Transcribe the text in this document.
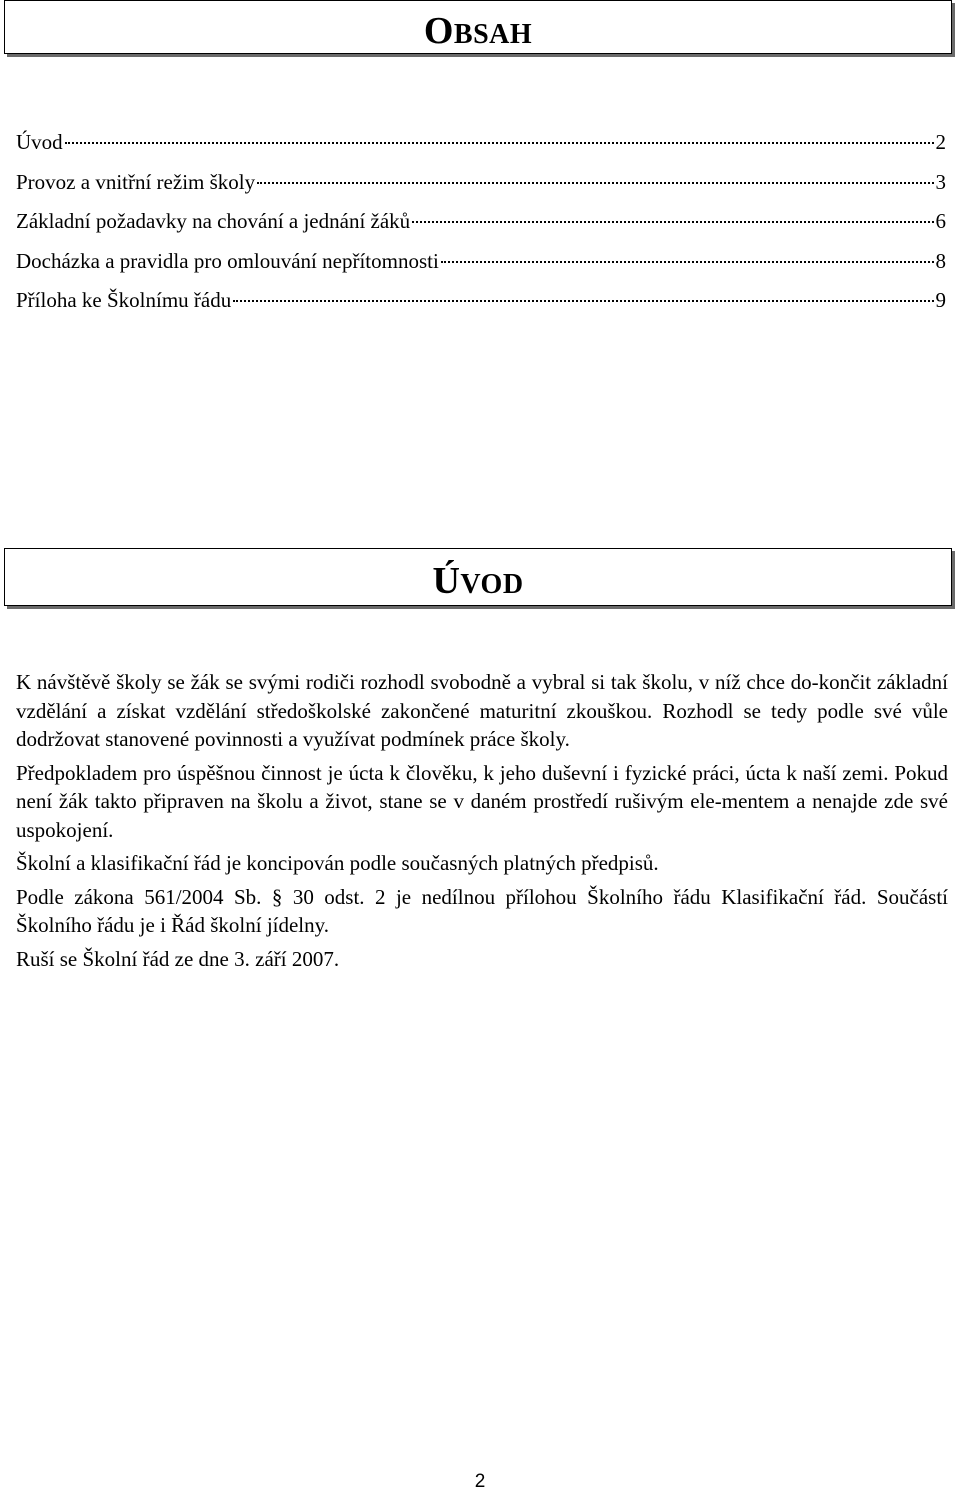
OBSAH
Úvod	2
Provoz a vnitřní režim školy	3
Základní požadavky na chování a jednání žáků	6
Docházka a pravidla pro omlouvání nepřítomnosti	8
Příloha ke Školnímu řádu	9
ÚVOD

K návštěvě školy se žák se svými rodiči rozhodl svobodně a vybral si tak školu, v níž chce do-končit základní vzdělání a získat vzdělání středoškolské zakončené maturitní zkouškou. Rozhodl se tedy podle své vůle dodržovat stanovené povinnosti a využívat podmínek práce školy.

Předpokladem pro úspěšnou činnost je úcta k člověku, k jeho duševní i fyzické práci, úcta k naší zemi. Pokud není žák takto připraven na školu a život, stane se v daném prostředí rušivým ele-mentem a nenajde zde své uspokojení.

Školní a klasifikační řád je koncipován podle současných platných předpisů.

Podle zákona 561/2004 Sb. § 30 odst. 2 je nedílnou přílohou Školního řádu Klasifikační řád. Součástí Školního řádu je i Řád školní jídelny.

Ruší se Školní řád ze dne 3. září 2007.

2
